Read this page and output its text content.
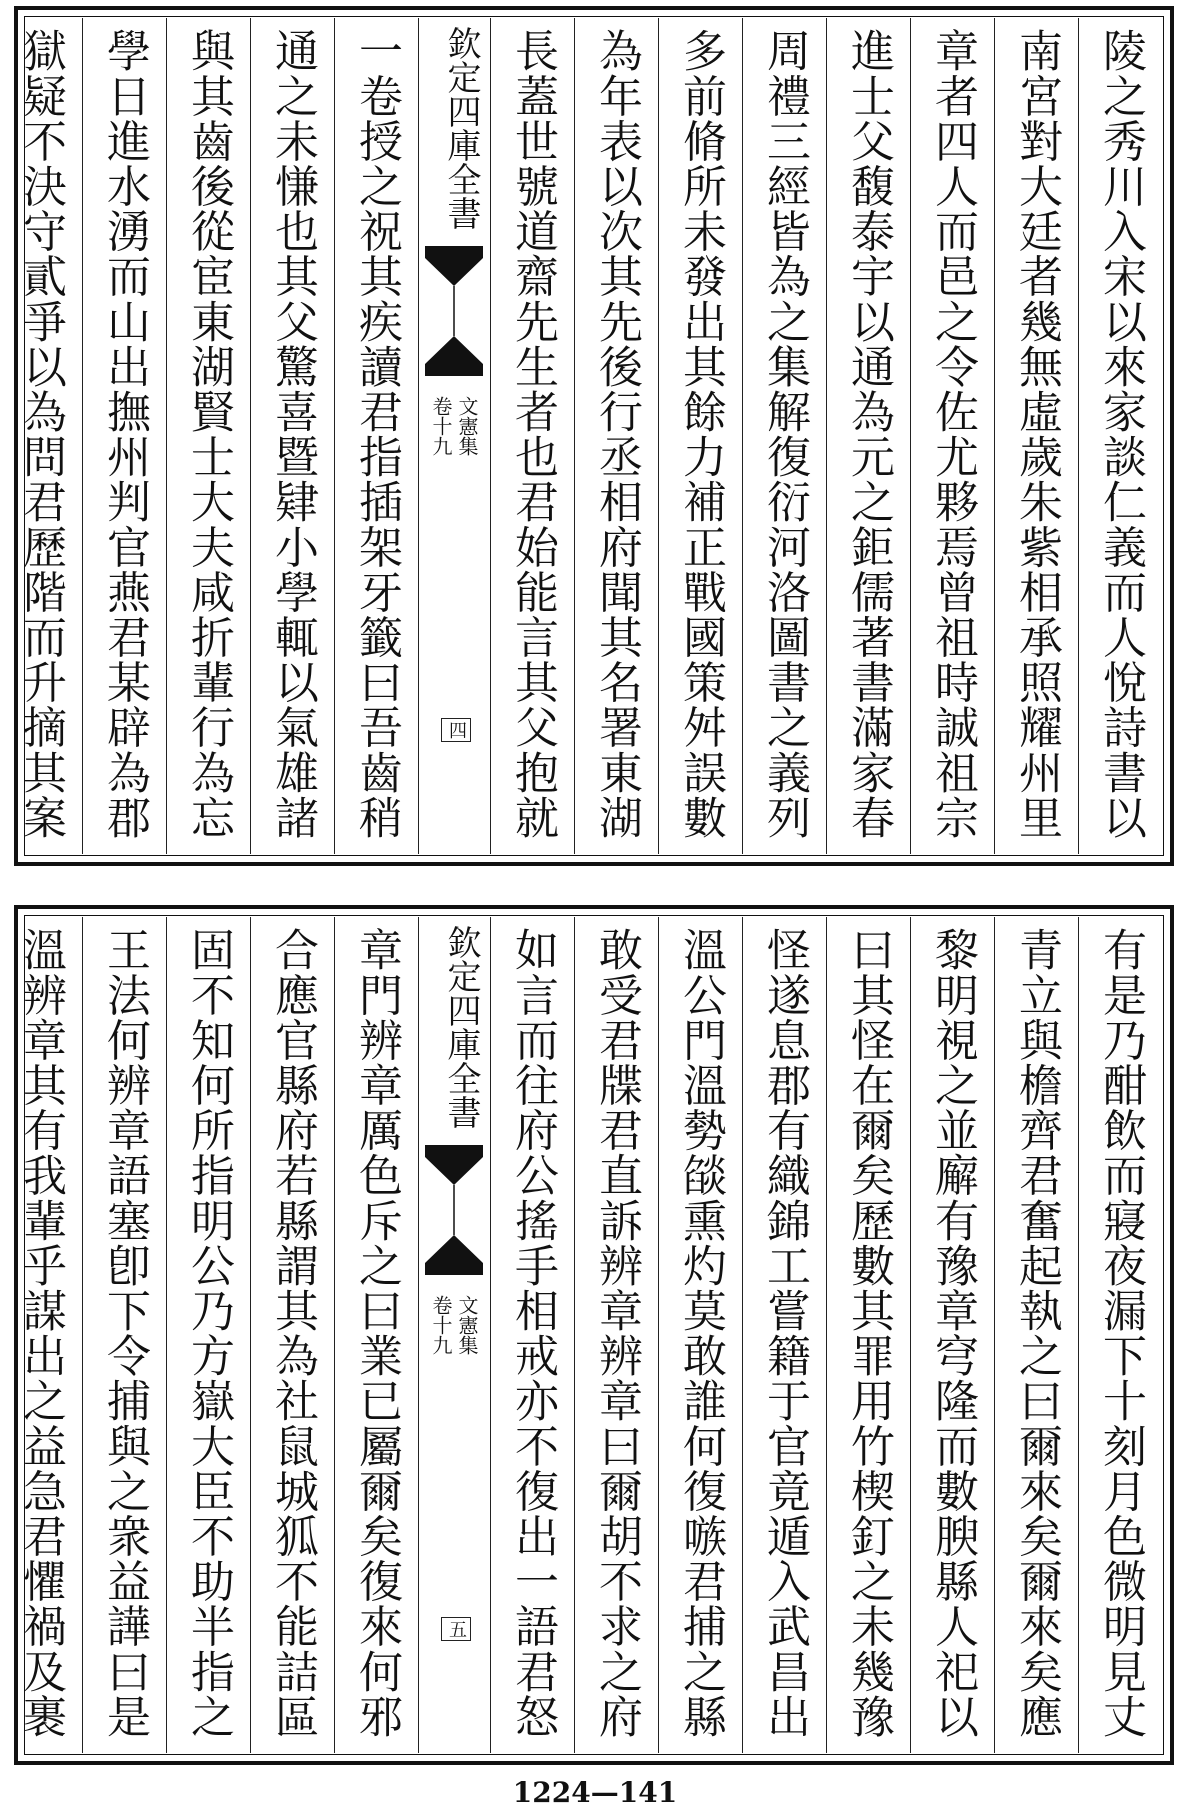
陵之秀川入宋以來家談仁義而人悅詩書以
南宮對大廷者幾無虛歲朱紫相承照耀州里
章者四人而邑之令佐尤夥焉曾祖時誠祖宗
進士父馥泰宇以通為元之鉅儒著書滿家春
周禮三經皆為之集解復衍河洛圖書之義列
多前脩所未發出其餘力補正戰國策舛誤數
為年表以次其先後行丞相府聞其名署東湖
長蓋世號道齋先生者也君始能言其父抱就
欽定四庫全書
文憲集
卷十九
四
一卷授之祝其疾讀君指插架牙籤曰吾齒稍
通之未慊也其父驚喜暨肄小學輒以氣雄諸
與其齒後從宦東湖賢士大夫咸折輩行為忘
學日進水湧而山出撫州判官燕君某辟為郡
獄疑不決守貳爭以為問君歷階而升摘其案
有是乃酣飲而寢夜漏下十刻月色微明見丈
青立與檐齊君奮起執之曰爾來矣爾來矣應
黎明視之並廨有豫章穹隆而數腴縣人祀以
曰其怪在爾矣歷數其罪用竹楔釘之未幾豫
怪遂息郡有織錦工嘗籍于官竟遁入武昌出
溫公門溫勢燄熏灼莫敢誰何復嗾君捕之縣
敢受君牒君直訴辨章辨章曰爾胡不求之府
如言而往府公搖手相戒亦不復出一語君怒
欽定四庫全書
文憲集
卷十九
五
章門辨章厲色斥之曰業已屬爾矣復來何邪
合應官縣府若縣謂其為社鼠城狐不能詰區
固不知何所指明公乃方嶽大臣不助半指之
王法何辨章語塞卽下令捕與之衆益譁曰是
溫辨章其有我輩乎謀出之益急君懼禍及裹
1224—141
